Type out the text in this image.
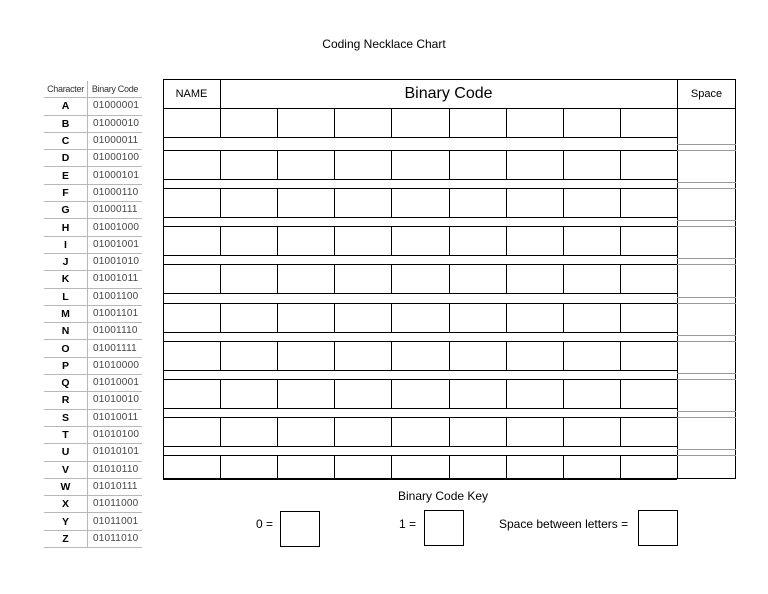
Coding Necklace Chart
Character	Binary Code
A	01000001
B	01000010
C	01000011
D	01000100
E	01000101
F	01000110
G	01000111
H	01001000
I	01001001
J	01001010
K	01001011
L	01001100
M	01001101
N	01001110
O	01001111
P	01010000
Q	01010001
R	01010010
S	01010011
T	01010100
U	01010101
V	01010110
W	01010111
X	01011000
Y	01011001
Z	01011010
NAME	Binary Code	Space
Binary Code Key
0 =	1 =	Space between letters =
